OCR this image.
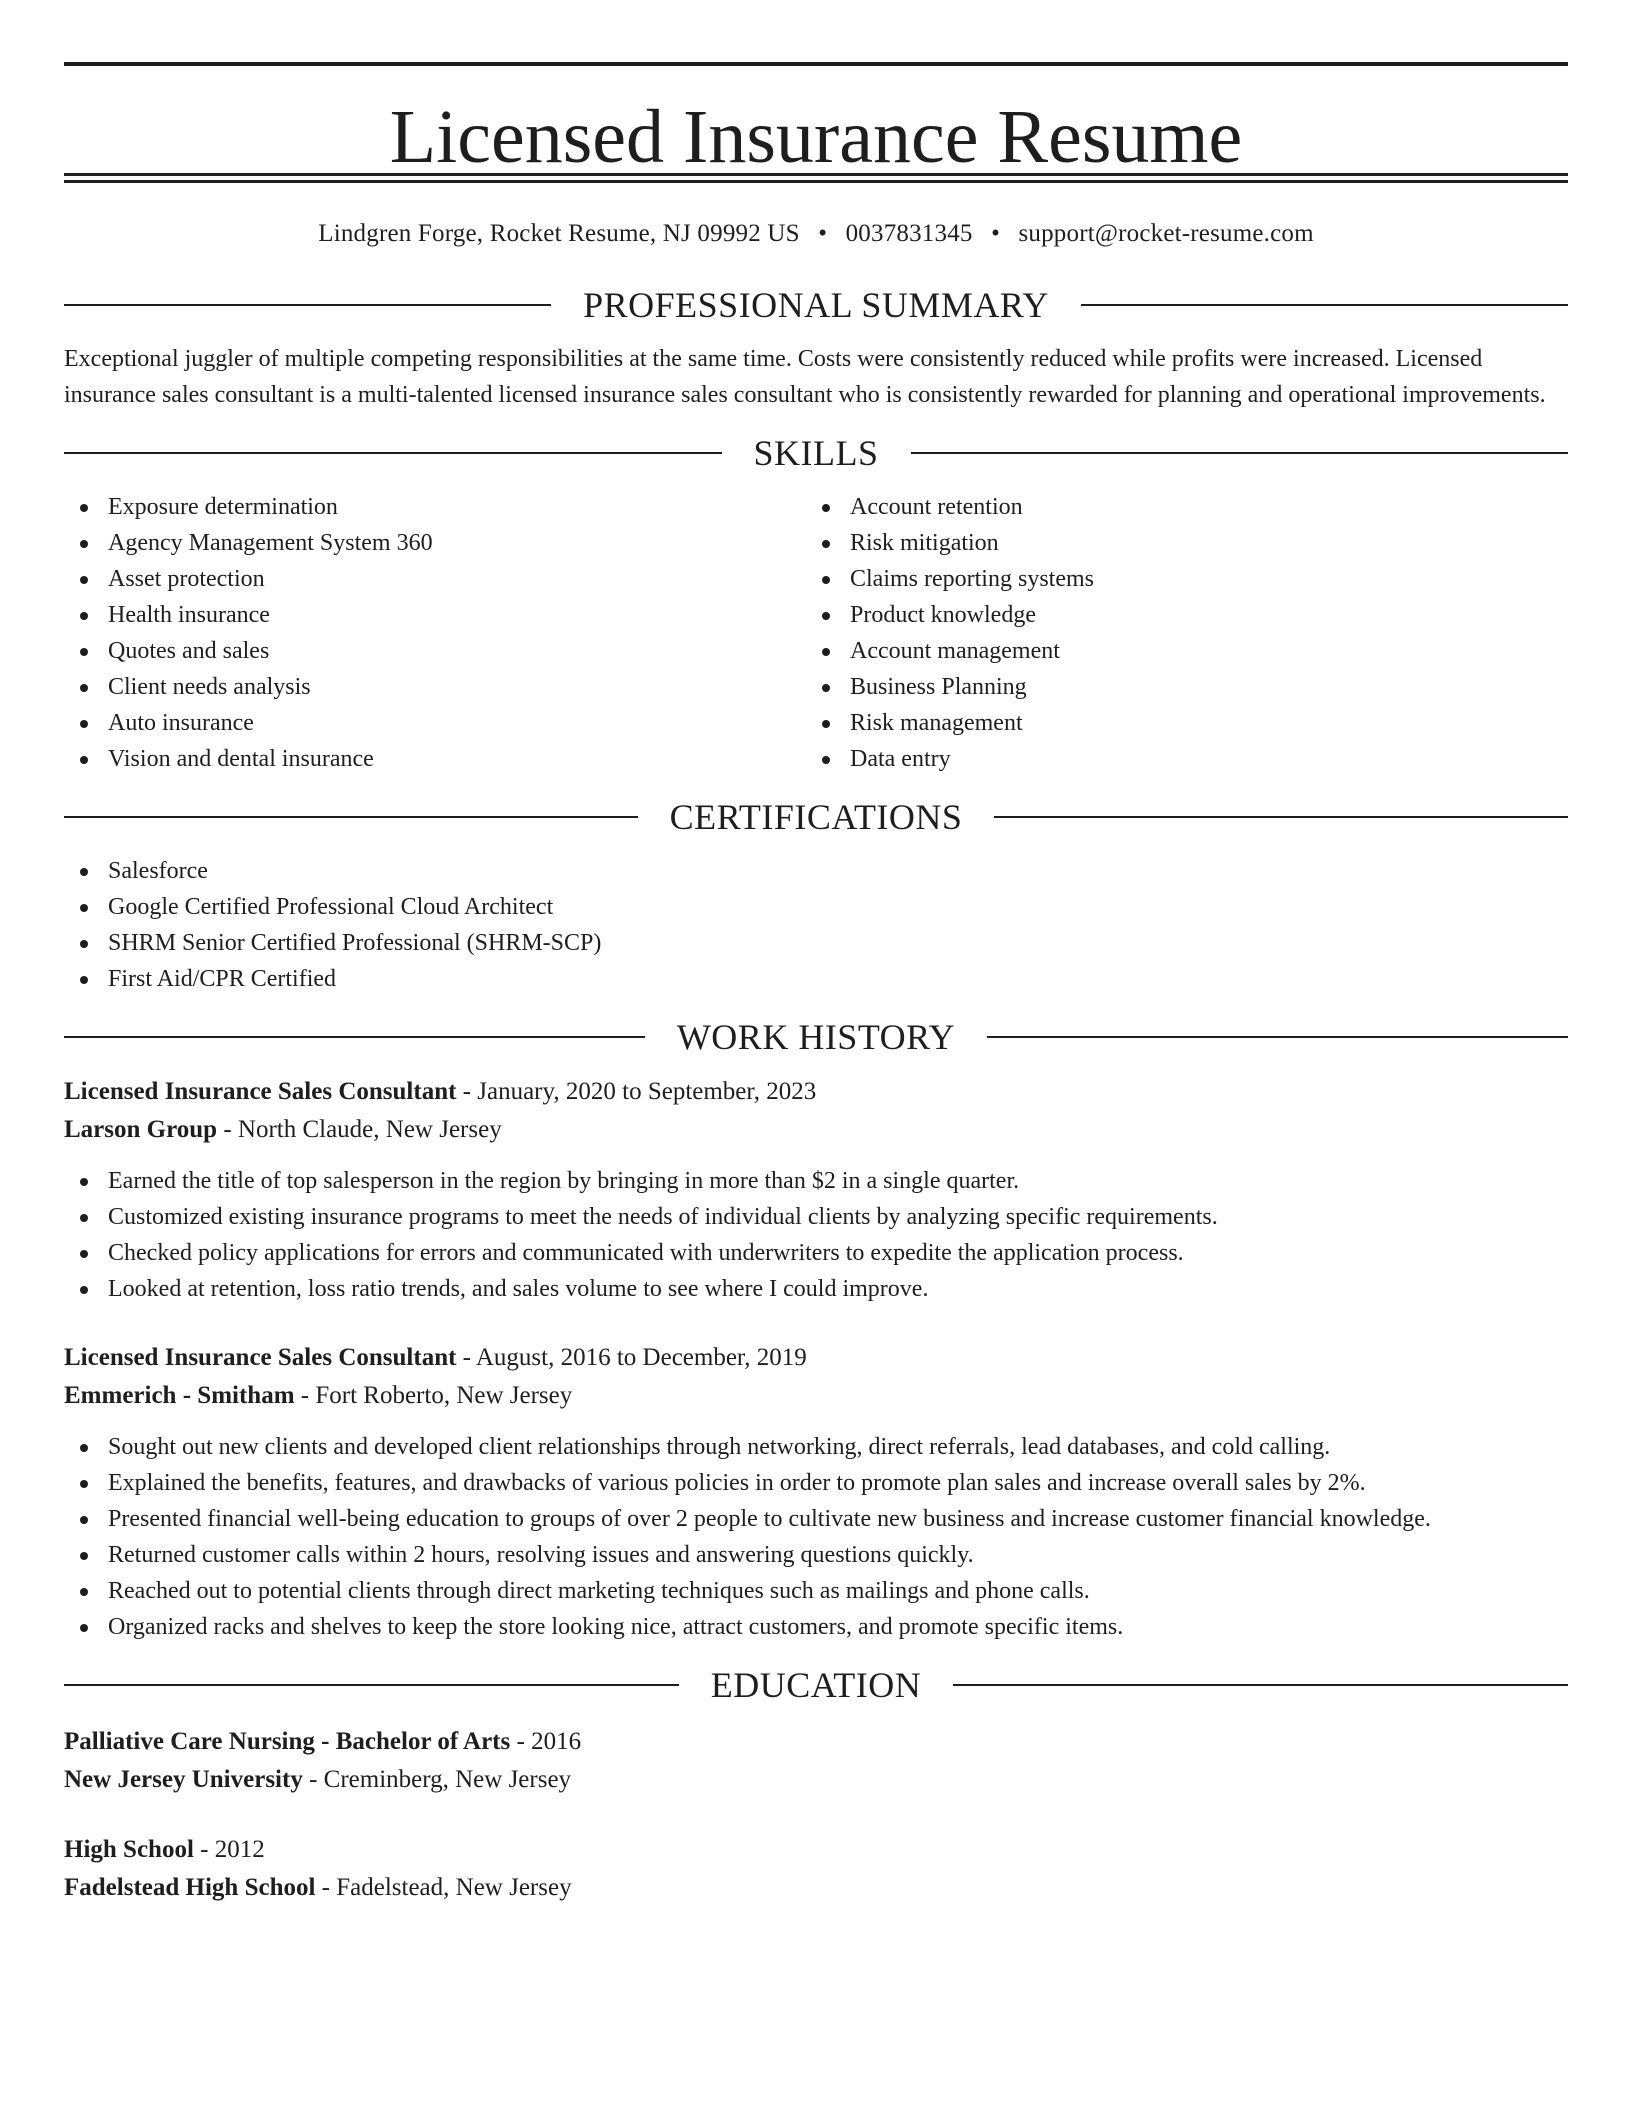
Licensed Insurance Resume
Lindgren Forge, Rocket Resume, NJ 09992 US • 0037831345 • support@rocket-resume.com
PROFESSIONAL SUMMARY
Exceptional juggler of multiple competing responsibilities at the same time. Costs were consistently reduced while profits were increased. Licensed insurance sales consultant is a multi-talented licensed insurance sales consultant who is consistently rewarded for planning and operational improvements.
SKILLS
Exposure determination
Agency Management System 360
Asset protection
Health insurance
Quotes and sales
Client needs analysis
Auto insurance
Vision and dental insurance
Account retention
Risk mitigation
Claims reporting systems
Product knowledge
Account management
Business Planning
Risk management
Data entry
CERTIFICATIONS
Salesforce
Google Certified Professional Cloud Architect
SHRM Senior Certified Professional (SHRM-SCP)
First Aid/CPR Certified
WORK HISTORY
Licensed Insurance Sales Consultant - January, 2020 to September, 2023
Larson Group - North Claude, New Jersey
Earned the title of top salesperson in the region by bringing in more than $2 in a single quarter.
Customized existing insurance programs to meet the needs of individual clients by analyzing specific requirements.
Checked policy applications for errors and communicated with underwriters to expedite the application process.
Looked at retention, loss ratio trends, and sales volume to see where I could improve.
Licensed Insurance Sales Consultant - August, 2016 to December, 2019
Emmerich - Smitham - Fort Roberto, New Jersey
Sought out new clients and developed client relationships through networking, direct referrals, lead databases, and cold calling.
Explained the benefits, features, and drawbacks of various policies in order to promote plan sales and increase overall sales by 2%.
Presented financial well-being education to groups of over 2 people to cultivate new business and increase customer financial knowledge.
Returned customer calls within 2 hours, resolving issues and answering questions quickly.
Reached out to potential clients through direct marketing techniques such as mailings and phone calls.
Organized racks and shelves to keep the store looking nice, attract customers, and promote specific items.
EDUCATION
Palliative Care Nursing - Bachelor of Arts - 2016
New Jersey University - Creminberg, New Jersey
High School - 2012
Fadelstead High School - Fadelstead, New Jersey
